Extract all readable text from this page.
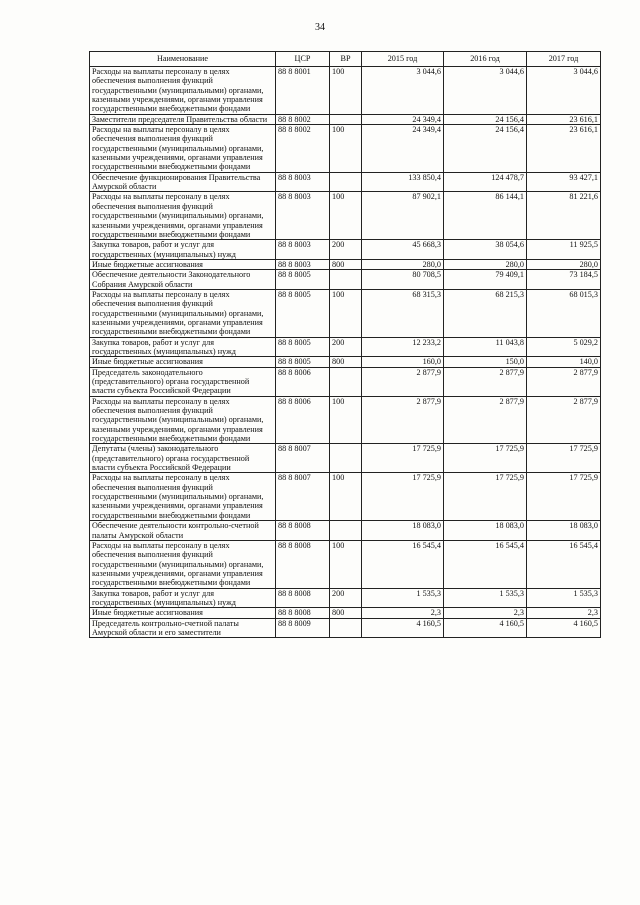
34
Наименование	ЦСР	ВР	2015 год	2016 год	2017 год
Расходы на выплаты персоналу в целях обеспечения выполнения функций государственными (муниципальными) органами, казенными учреждениями, органами управления государственными внебюджетными фондами	88 8 8001	100	3 044,6	3 044,6	3 044,6
Заместители председателя Правительства области	88 8 8002		24 349,4	24 156,4	23 616,1
Расходы на выплаты персоналу в целях обеспечения выполнения функций государственными (муниципальными) органами, казенными учреждениями, органами управления государственными внебюджетными фондами	88 8 8002	100	24 349,4	24 156,4	23 616,1
Обеспечение функционирования Правительства Амурской области	88 8 8003		133 850,4	124 478,7	93 427,1
Расходы на выплаты персоналу в целях обеспечения выполнения функций государственными (муниципальными) органами, казенными учреждениями, органами управления государственными внебюджетными фондами	88 8 8003	100	87 902,1	86 144,1	81 221,6
Закупка товаров, работ и услуг для государственных (муниципальных) нужд	88 8 8003	200	45 668,3	38 054,6	11 925,5
Иные бюджетные ассигнования	88 8 8003	800	280,0	280,0	280,0
Обеспечение деятельности Законодательного Собрания Амурской области	88 8 8005		80 708,5	79 409,1	73 184,5
Расходы на выплаты персоналу в целях обеспечения выполнения функций государственными (муниципальными) органами, казенными учреждениями, органами управления государственными внебюджетными фондами	88 8 8005	100	68 315,3	68 215,3	68 015,3
Закупка товаров, работ и услуг для государственных (муниципальных) нужд	88 8 8005	200	12 233,2	11 043,8	5 029,2
Иные бюджетные ассигнования	88 8 8005	800	160,0	150,0	140,0
Председатель законодательного (представительного) органа государственной власти субъекта Российской Федерации	88 8 8006		2 877,9	2 877,9	2 877,9
Расходы на выплаты персоналу в целях обеспечения выполнения функций государственными (муниципальными) органами, казенными учреждениями, органами управления государственными внебюджетными фондами	88 8 8006	100	2 877,9	2 877,9	2 877,9
Депутаты (члены) законодательного (представительного) органа государственной власти субъекта Российской Федерации	88 8 8007		17 725,9	17 725,9	17 725,9
Расходы на выплаты персоналу в целях обеспечения выполнения функций государственными (муниципальными) органами, казенными учреждениями, органами управления государственными внебюджетными фондами	88 8 8007	100	17 725,9	17 725,9	17 725,9
Обеспечение деятельности контрольно-счетной палаты Амурской области	88 8 8008		18 083,0	18 083,0	18 083,0
Расходы на выплаты персоналу в целях обеспечения выполнения функций государственными (муниципальными) органами, казенными учреждениями, органами управления государственными внебюджетными фондами	88 8 8008	100	16 545,4	16 545,4	16 545,4
Закупка товаров, работ и услуг для государственных (муниципальных) нужд	88 8 8008	200	1 535,3	1 535,3	1 535,3
Иные бюджетные ассигнования	88 8 8008	800	2,3	2,3	2,3
Председатель контрольно-счетной палаты Амурской области и его заместители	88 8 8009		4 160,5	4 160,5	4 160,5
